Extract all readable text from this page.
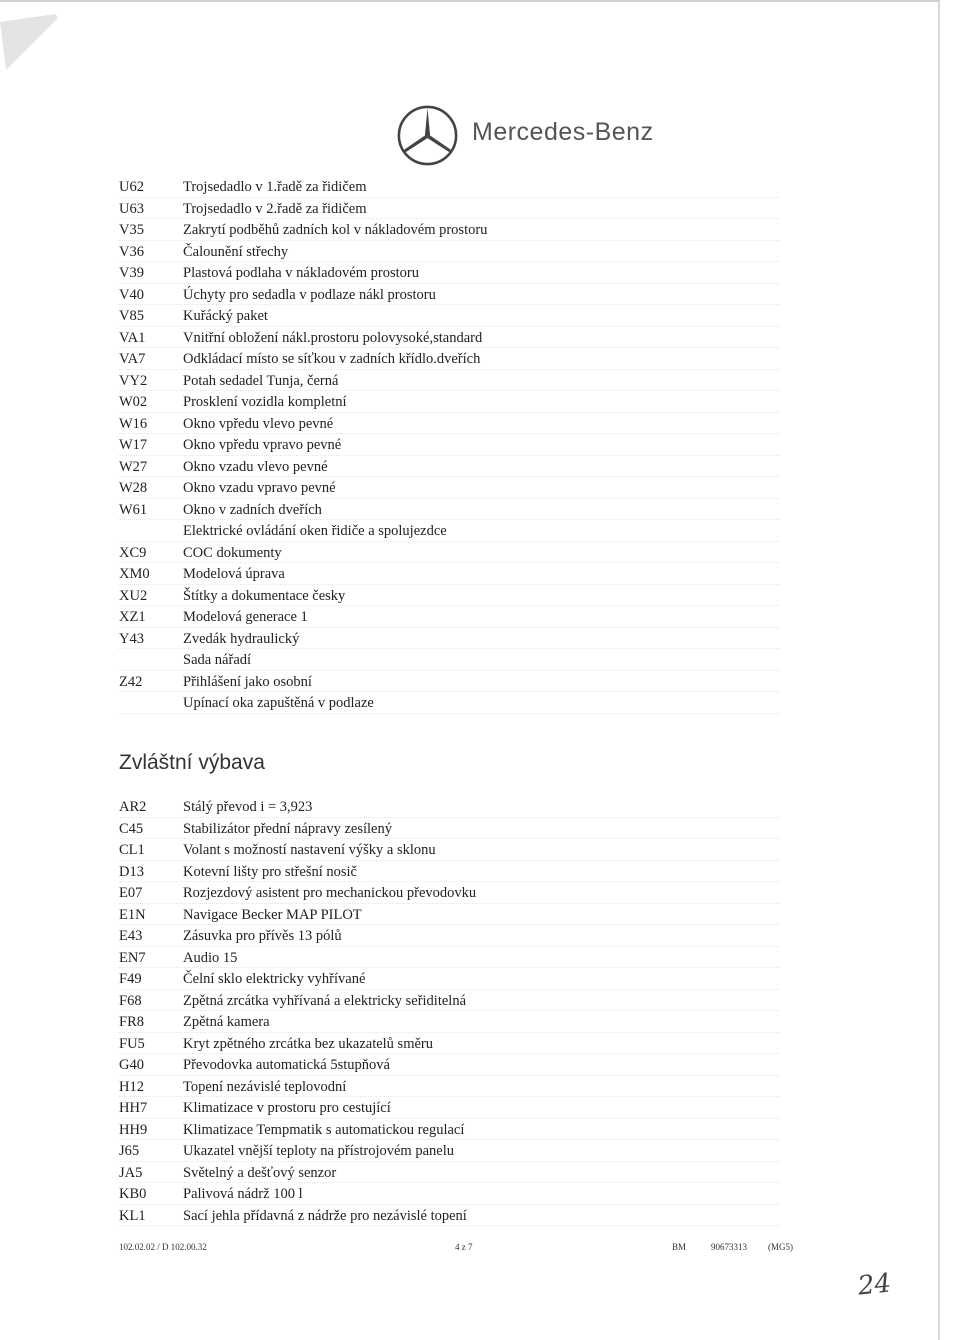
Mercedes-Benz
U62	Trojsedadlo v 1.řadě za řidičem
U63	Trojsedadlo v 2.řadě za řidičem
V35	Zakrytí podběhů zadních kol v nákladovém prostoru
V36	Čalounění střechy
V39	Plastová podlaha v nákladovém prostoru
V40	Úchyty pro sedadla v podlaze nákl prostoru
V85	Kuřácký paket
VA1	Vnitřní obložení nákl.prostoru polovysoké,standard
VA7	Odkládací místo se síťkou v zadních křídlo.dveřích
VY2	Potah sedadel Tunja, černá
W02	Prosklení vozidla kompletní
W16	Okno vpředu vlevo pevné
W17	Okno vpředu vpravo pevné
W27	Okno vzadu vlevo pevné
W28	Okno vzadu vpravo pevné
W61	Okno v zadních dveřích
Elektrické ovládání oken řidiče a spolujezdce
XC9	COC dokumenty
XM0	Modelová úprava
XU2	Štítky a dokumentace česky
XZ1	Modelová generace 1
Y43	Zvedák hydraulický
Sada nářadí
Z42	Přihlášení jako osobní
Upínací oka zapuštěná v podlaze
Zvláštní výbava
AR2	Stálý převod i = 3,923
C45	Stabilizátor přední nápravy zesílený
CL1	Volant s možností nastavení výšky a sklonu
D13	Kotevní lišty pro střešní nosič
E07	Rozjezdový asistent pro mechanickou převodovku
E1N	Navigace Becker MAP PILOT
E43	Zásuvka pro přívěs 13 pólů
EN7	Audio 15
F49	Čelní sklo elektricky vyhřívané
F68	Zpětná zrcátka vyhřívaná a elektricky seřiditelná
FR8	Zpětná kamera
FU5	Kryt zpětného zrcátka bez ukazatelů směru
G40	Převodovka automatická 5stupňová
H12	Topení nezávislé teplovodní
HH7	Klimatizace v prostoru pro cestující
HH9	Klimatizace Tempmatik s automatickou regulací
J65	Ukazatel vnější teploty na přístrojovém panelu
JA5	Světelný a dešťový senzor
KB0	Palivová nádrž 100 l
KL1	Sací jehla přídavná z nádrže pro nezávislé topení
102.02.02 / D 102.00.32	4 z 7	BM	90673313 (MG5)
24
